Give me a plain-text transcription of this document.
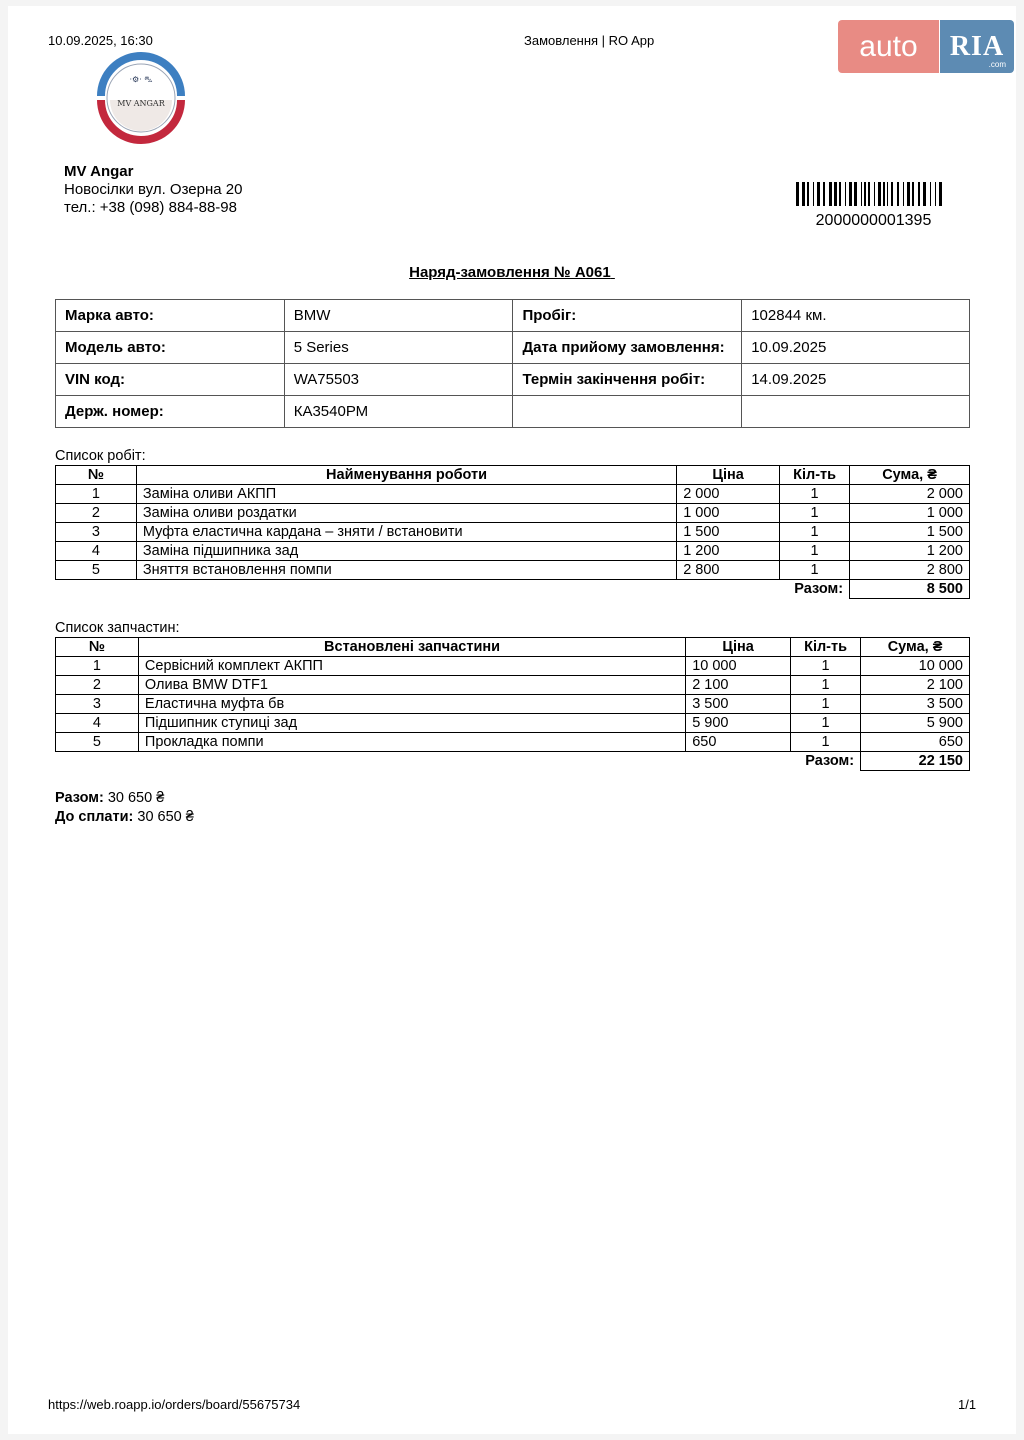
10.09.2025, 16:30	Замовлення | RO App	auto	RIA
.com
·⚙· ⛍
MV ANGAR
MV Angar
Новосілки вул. Озерна 20
тел.: +38 (098) 884-88-98
2000000001395
Наряд-замовлення № A061
Марка авто:	BMW	Пробіг:	102844 км.
Модель авто:	5 Series	Дата прийому замовлення:	10.09.2025
VIN код:	WA75503	Термін закінчення робіт:	14.09.2025
Держ. номер:	КА3540РМ		
Список робіт:
№	Найменування роботи	Ціна	Кіл-ть	Сума, ₴
1	Заміна оливи АКПП	2 000	1	2 000
2	Заміна оливи роздатки	1 000	1	1 000
3	Муфта еластична кардана – зняти / встановити	1 500	1	1 500
4	Заміна підшипника зад	1 200	1	1 200
5	Зняття встановлення помпи	2 800	1	2 800
			Разом:	8 500
Список запчастин:
№	Встановлені запчастини	Ціна	Кіл-ть	Сума, ₴
1	Сервісний комплект АКПП	10 000	1	10 000
2	Олива BMW DTF1	2 100	1	2 100
3	Еластична муфта бв	3 500	1	3 500
4	Підшипник ступиці зад	5 900	1	5 900
5	Прокладка помпи	650	1	650
			Разом:	22 150
Разом: 30 650 ₴
До сплати: 30 650 ₴
https://web.roapp.io/orders/board/55675734	1/1
